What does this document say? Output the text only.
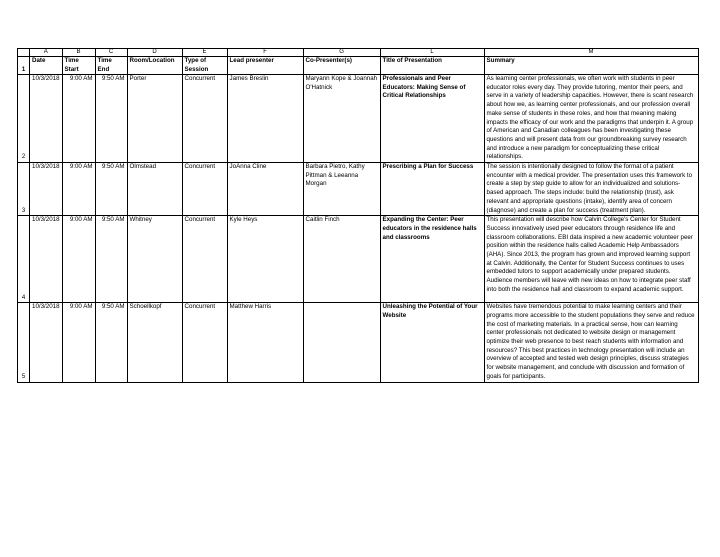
	A	B	C	D	E	F	G	L	M
1	Date	Time Start	Time End	Room/Location	Type of Session	Lead presenter	Co-Presenter(s)	Title of Presentation	Summary
2	10/3/2018	9:00 AM	9:50 AM	Porter	Concurrent	James Breslin	Maryann Kope & Joannah O'Hatnick	Professionals and Peer Educators: Making Sense of Critical Relationships	As learning center professionals, we often work with students in peer educator roles every day. They provide tutoring, mentor their peers, and serve in a variety of leadership capacities. However, there is scant research about how we, as learning center professionals, and our profession overall make sense of students in these roles, and how that meaning making impacts the efficacy of our work and the paradigms that underpin it. A group of American and Canadian colleagues has been investigating these questions and will present data from our groundbreaking survey research and introduce a new paradigm for conceptualizing these critical relationships.
3	10/3/2018	9:00 AM	9:50 AM	Olmstead	Concurrent	JoAnna Cline	Barbara Pietro, Kathy Pittman & Leeanna Morgan	Prescribing a Plan for Success	The session is intentionally designed to follow the format of a patient encounter with a medical provider. The presentation uses this framework to create a step by step guide to allow for an individualized and solutions-based approach. The steps include: build the relationship (trust), ask relevant and appropriate questions (intake), identify area of concern (diagnose) and create a plan for success (treatment plan).
4	10/3/2018	9:00 AM	9:50 AM	Whitney	Concurrent	Kyle Heys	Caitlin Finch	Expanding the Center: Peer educators in the residence halls and classrooms	This presentation will describe how Calvin College's Center for Student Success innovatively used peer educators through residence life and classroom collaborations. EBI data inspired a new academic volunteer peer position within the residence halls called Academic Help Ambassadors (AHA). Since 2013, the program has grown and improved learning support at Calvin. Additionally, the Center for Student Success continues to uses embedded tutors to support academically under prepared students. Audience members will leave with new ideas on how to integrate peer staff into both the residence hall and classroom to expand academic support.
5	10/3/2018	9:00 AM	9:50 AM	Schoellkopf	Concurrent	Matthew Harris		Unleashing the Potential of Your Website	Websites have tremendous potential to make learning centers and their programs more accessible to the student populations they serve and reduce the cost of marketing materials. In a practical sense, how can learning center professionals not dedicated to website design or management optimize their web presence to best reach students with information and resources? This best practices in technology presentation will include an overview of accepted and tested web design principles, discuss strategies for website management, and conclude with discussion and formation of goals for participants.
